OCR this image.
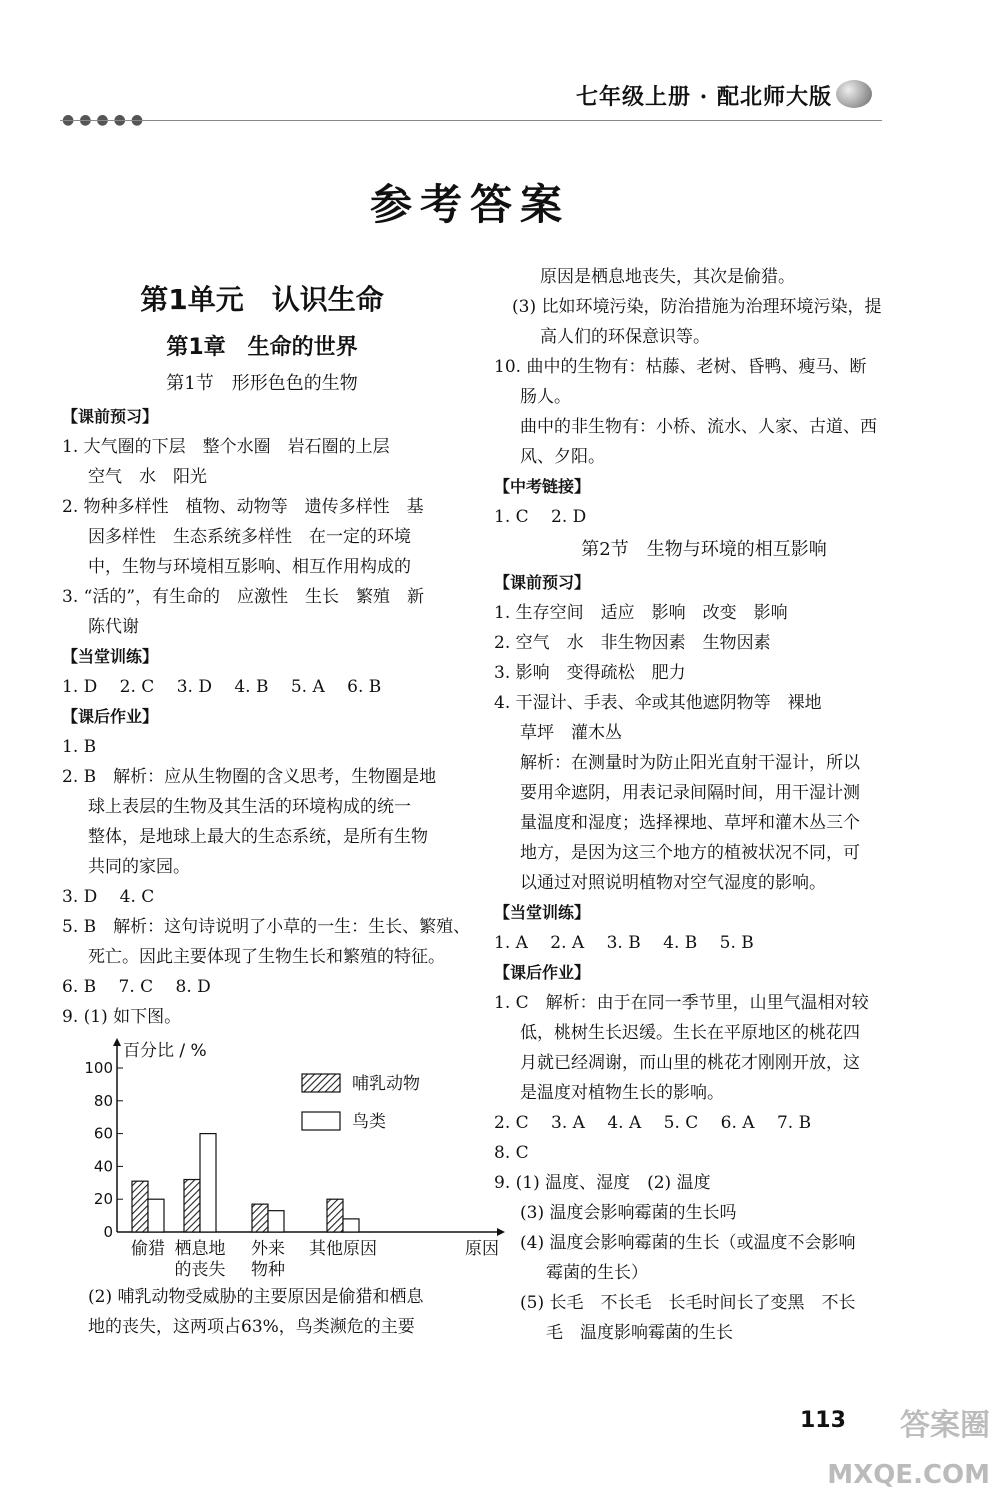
●●●●●
七年级上册 · 配北师大版
参考答案
第1单元　认识生命
第1章　生命的世界
第1节　形形色色的生物
【课前预习】
1. 大气圈的下层　整个水圈　岩石圈的上层
空气　水　阳光
2. 物种多样性　植物、动物等　遗传多样性　基
因多样性　生态系统多样性　在一定的环境
中，生物与环境相互影响、相互作用构成的
3. “活的”，有生命的　应激性　生长　繁殖　新
陈代谢
【当堂训练】
1. D　 2. C　 3. D　 4. B　 5. A　 6. B
【课后作业】
1. B
2. B　解析：应从生物圈的含义思考，生物圈是地
球上表层的生物及其生活的环境构成的统一
整体，是地球上最大的生态系统，是所有生物
共同的家园。
3. D　 4. C
5. B　解析：这句诗说明了小草的一生：生长、繁殖、
死亡。因此主要体现了生物生长和繁殖的特征。
6. B　 7. C　 8. D
9. (1) 如下图。
百分比 / %
0
20
40
60
80
100
偷猎 栖息地
的丧失
外来
物种
其他原因	原因
哺乳动物
鸟类
(2) 哺乳动物受威胁的主要原因是偷猎和栖息
地的丧失，这两项占63%，鸟类濒危的主要
原因是栖息地丧失，其次是偷猎。
(3) 比如环境污染，防治措施为治理环境污染，提
高人们的环保意识等。
10. 曲中的生物有：枯藤、老树、昏鸭、瘦马、断
肠人。
曲中的非生物有：小桥、流水、人家、古道、西
风、夕阳。
【中考链接】
1. C　 2. D
第2节　生物与环境的相互影响
【课前预习】
1. 生存空间　适应　影响　改变　影响
2. 空气　水　非生物因素　生物因素
3. 影响　变得疏松　肥力
4. 干湿计、手表、伞或其他遮阴物等　裸地
草坪　灌木丛
解析：在测量时为防止阳光直射干湿计，所以
要用伞遮阴，用表记录间隔时间，用干湿计测
量温度和湿度；选择裸地、草坪和灌木丛三个
地方，是因为这三个地方的植被状况不同，可
以通过对照说明植物对空气湿度的影响。
【当堂训练】
1. A　 2. A　 3. B　 4. B　 5. B
【课后作业】
1. C　解析：由于在同一季节里，山里气温相对较
低，桃树生长迟缓。生长在平原地区的桃花四
月就已经凋谢，而山里的桃花才刚刚开放，这
是温度对植物生长的影响。
2. C　 3. A　 4. A　 5. C　 6. A　 7. B
8. C
9. (1) 温度、湿度　(2) 温度
(3) 温度会影响霉菌的生长吗
(4) 温度会影响霉菌的生长（或温度不会影响
霉菌的生长）
(5) 长毛　不长毛　长毛时间长了变黑　不长
毛　温度影响霉菌的生长
113 答案圈
MXQE.COM
